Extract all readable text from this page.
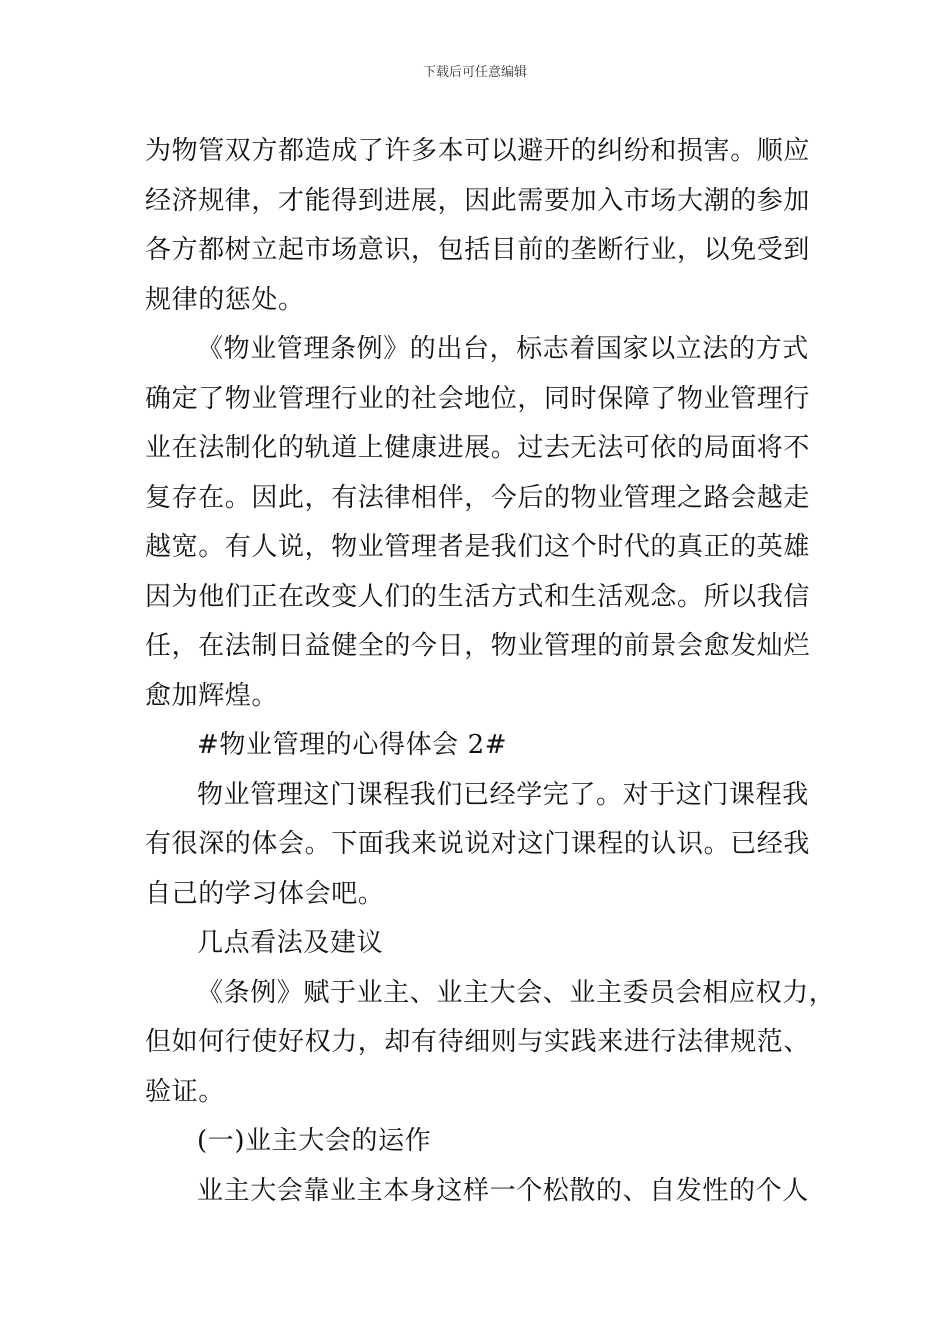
下载后可任意编辑
为物管双方都造成了许多本可以避开的纠纷和损害。顺应
经济规律，才能得到进展，因此需要加入市场大潮的参加
各方都树立起市场意识，包括目前的垄断行业，以免受到
规律的惩处。
《物业管理条例》的出台，标志着国家以立法的方式
确定了物业管理行业的社会地位，同时保障了物业管理行
业在法制化的轨道上健康进展。过去无法可依的局面将不
复存在。因此，有法律相伴，今后的物业管理之路会越走
越宽。有人说，物业管理者是我们这个时代的真正的英雄
因为他们正在改变人们的生活方式和生活观念。所以我信
任，在法制日益健全的今日，物业管理的前景会愈发灿烂
愈加辉煌。
#物业管理的心得体会 2#
物业管理这门课程我们已经学完了。对于这门课程我
有很深的体会。下面我来说说对这门课程的认识。已经我
自己的学习体会吧。
几点看法及建议
《条例》赋于业主、业主大会、业主委员会相应权力，
但如何行使好权力，却有待细则与实践来进行法律规范、
验证。
(一)业主大会的运作
业主大会靠业主本身这样一个松散的、自发性的个人
